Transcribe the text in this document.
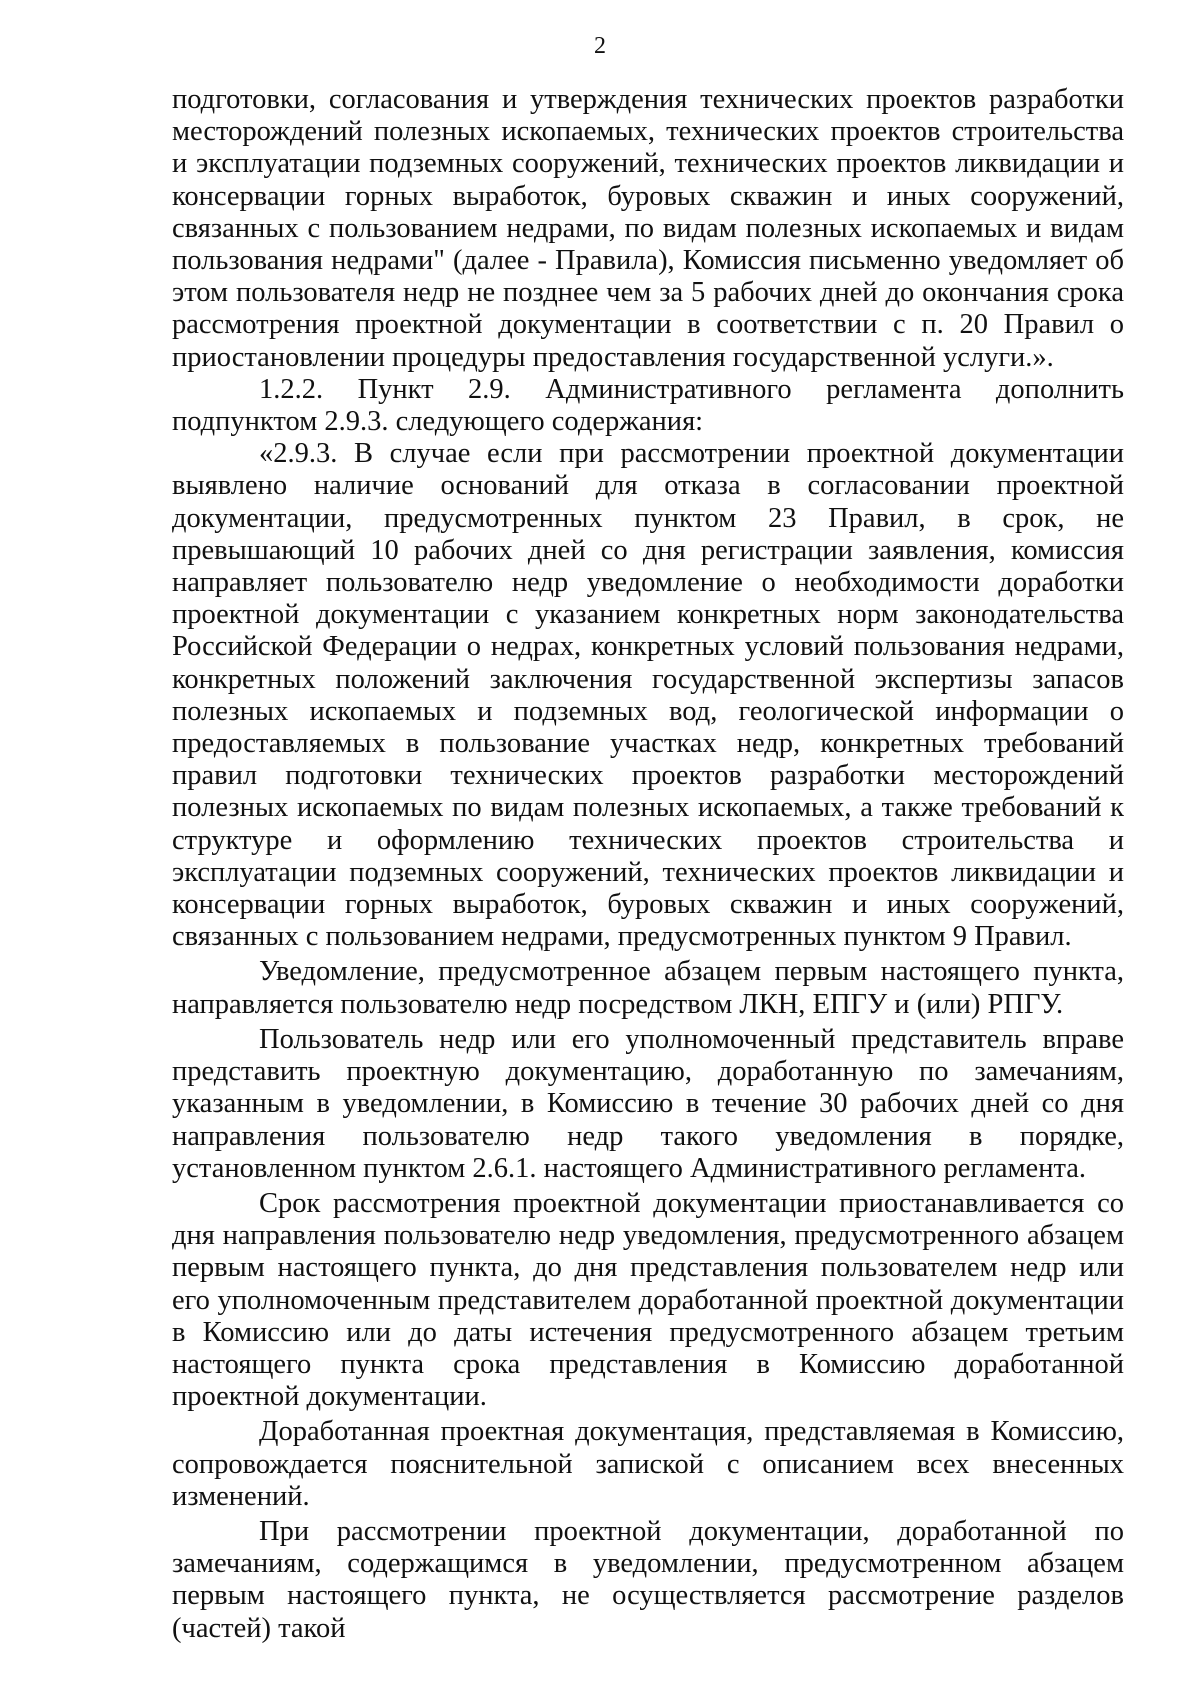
2

подготовки, согласования и утверждения технических проектов разработки месторождений полезных ископаемых, технических проектов строительства и эксплуатации подземных сооружений, технических проектов ликвидации и консервации горных выработок, буровых скважин и иных сооружений, связанных с пользованием недрами, по видам полезных ископаемых и видам пользования недрами" (далее - Правила), Комиссия письменно уведомляет об этом пользователя недр не позднее чем за 5 рабочих дней до окончания срока рассмотрения проектной документации в соответствии с п. 20 Правил о приостановлении процедуры предоставления государственной услуги.».

1.2.2. Пункт 2.9. Административного регламента дополнить подпунктом 2.9.3. следующего содержания:

«2.9.3. В случае если при рассмотрении проектной документации выявлено наличие оснований для отказа в согласовании проектной документации, предусмотренных пунктом 23 Правил, в срок, не превышающий 10 рабочих дней со дня регистрации заявления, комиссия направляет пользователю недр уведомление о необходимости доработки проектной документации с указанием конкретных норм законодательства Российской Федерации о недрах, конкретных условий пользования недрами, конкретных положений заключения государственной экспертизы запасов полезных ископаемых и подземных вод, геологической информации о предоставляемых в пользование участках недр, конкретных требований правил подготовки технических проектов разработки месторождений полезных ископаемых по видам полезных ископаемых, а также требований к структуре и оформлению технических проектов строительства и эксплуатации подземных сооружений, технических проектов ликвидации и консервации горных выработок, буровых скважин и иных сооружений, связанных с пользованием недрами, предусмотренных пунктом 9 Правил.

Уведомление, предусмотренное абзацем первым настоящего пункта, направляется пользователю недр посредством ЛКН, ЕПГУ и (или) РПГУ.

Пользователь недр или его уполномоченный представитель вправе представить проектную документацию, доработанную по замечаниям, указанным в уведомлении, в Комиссию в течение 30 рабочих дней со дня направления пользователю недр такого уведомления в порядке, установленном пунктом 2.6.1. настоящего Административного регламента.

Срок рассмотрения проектной документации приостанавливается со дня направления пользователю недр уведомления, предусмотренного абзацем первым настоящего пункта, до дня представления пользователем недр или его уполномоченным представителем доработанной проектной документации в Комиссию или до даты истечения предусмотренного абзацем третьим настоящего пункта срока представления в Комиссию доработанной проектной документации.

Доработанная проектная документация, представляемая в Комиссию, сопровождается пояснительной запиской с описанием всех внесенных изменений.

При рассмотрении проектной документации, доработанной по замечаниям, содержащимся в уведомлении, предусмотренном абзацем первым настоящего пункта, не осуществляется рассмотрение разделов (частей) такой
